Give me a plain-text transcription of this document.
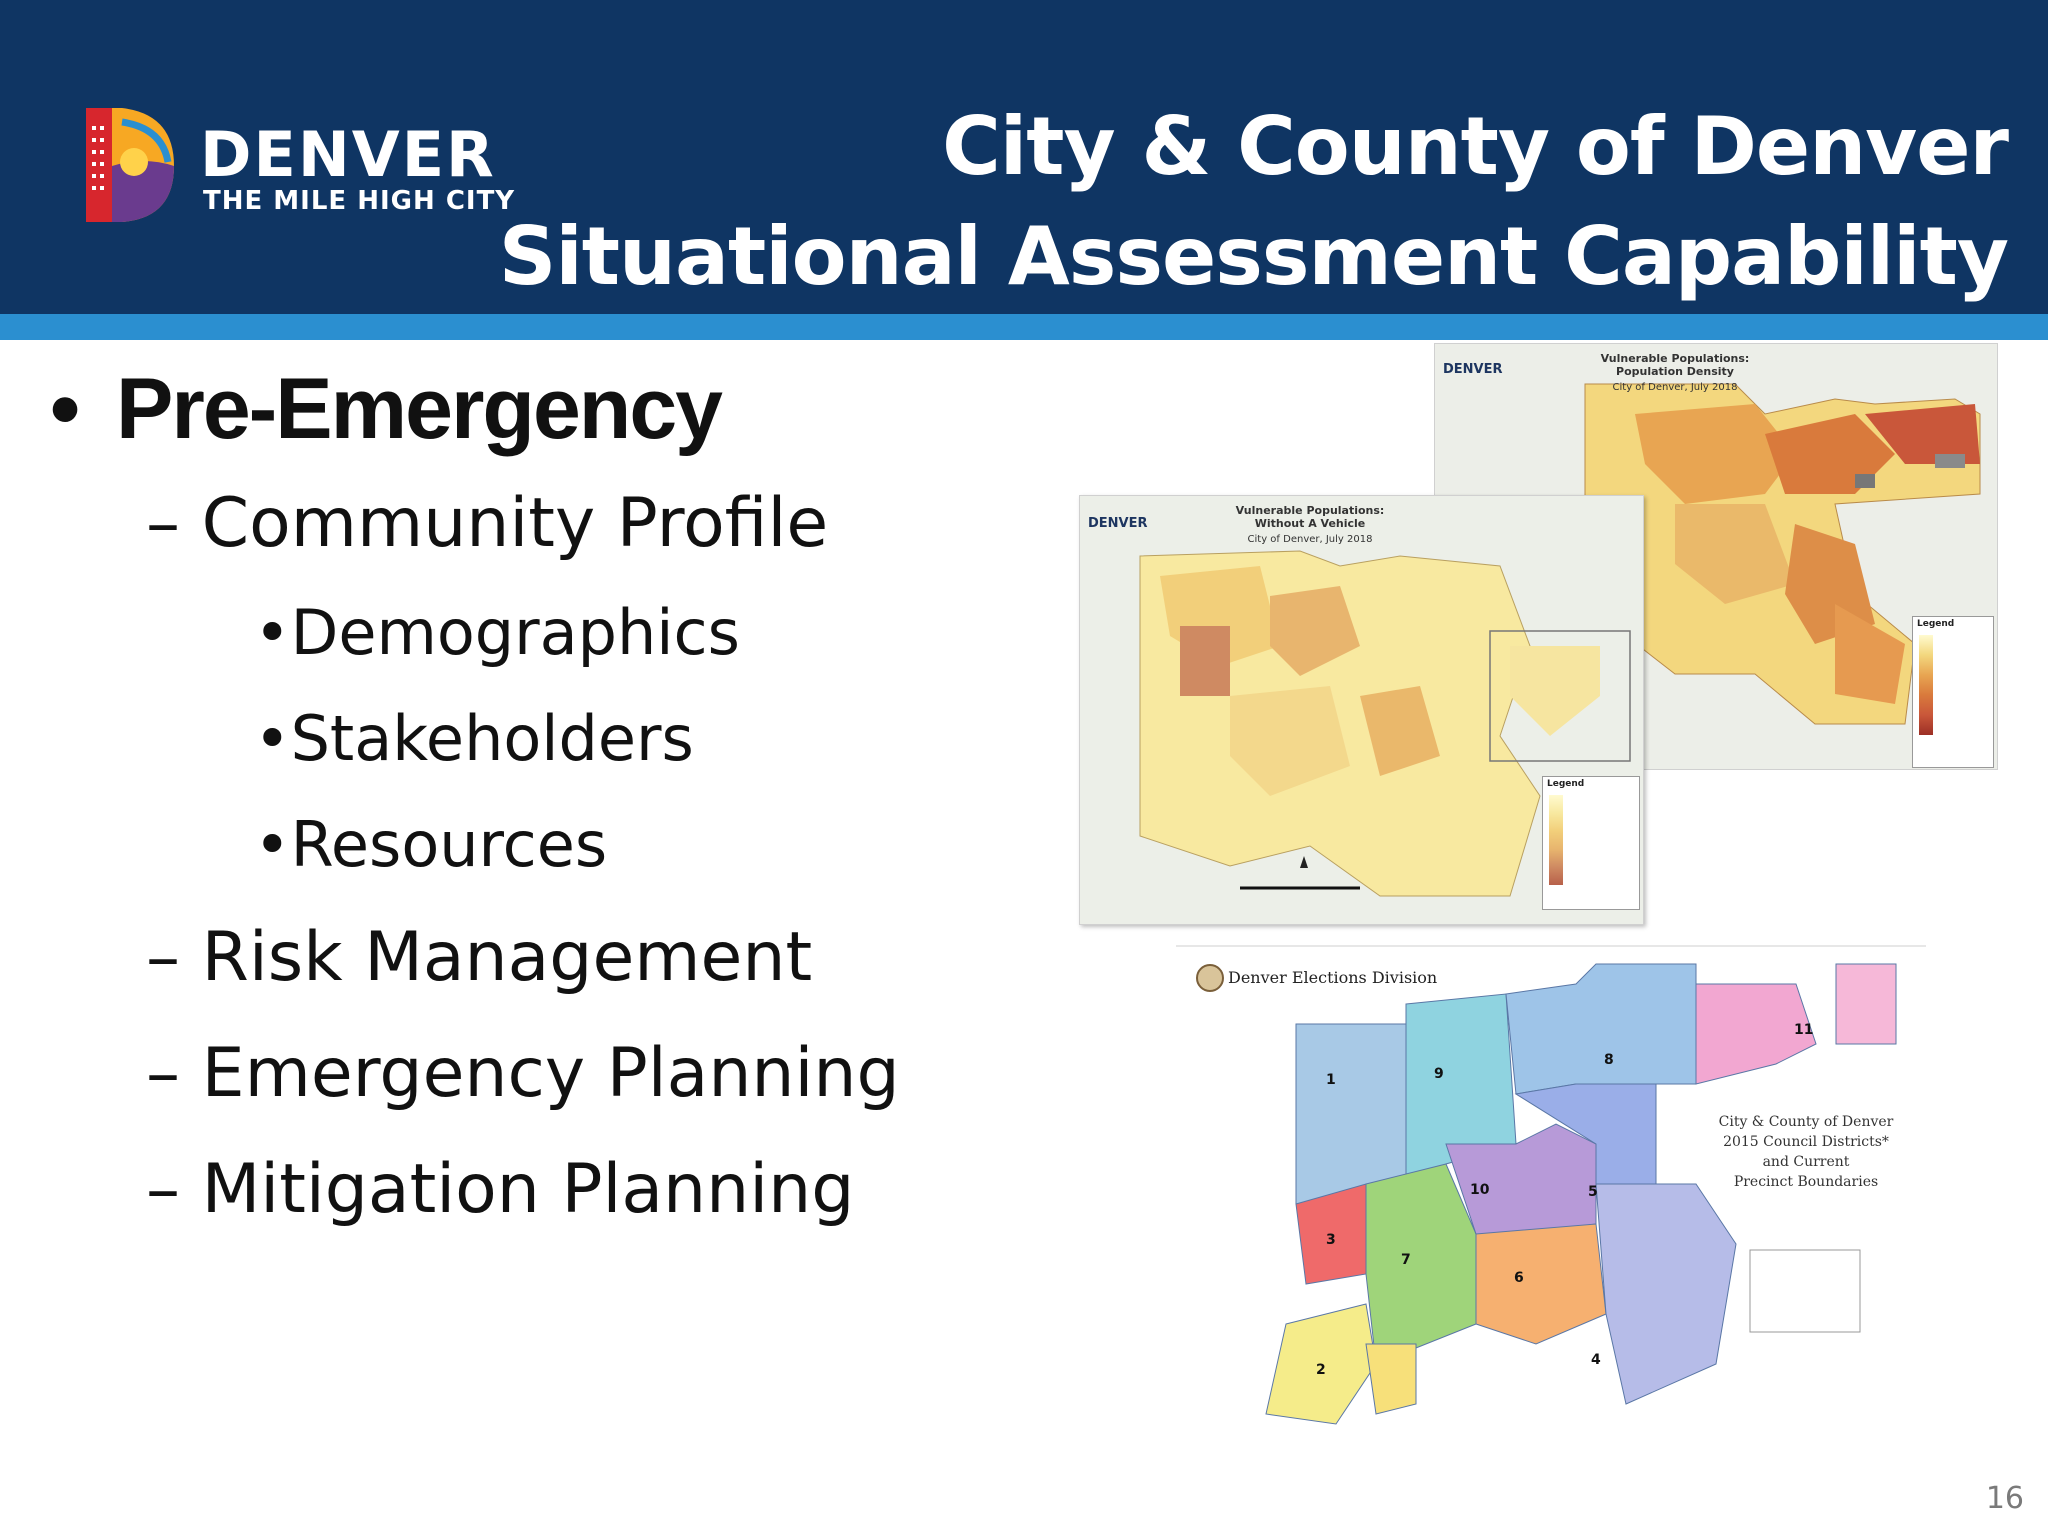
DENVER
THE MILE HIGH CITY
City & County of Denver
Situational Assessment Capability
• Pre-Emergency
– Community Profile
•Demographics
•Stakeholders
•Resources
– Risk Management
– Emergency Planning
– Mitigation Planning
DENVER
Vulnerable Populations:
Population Density
City of Denver, July 2018
Legend
DENVER
Vulnerable Populations:
Without A Vehicle
City of Denver, July 2018
Legend
1
2
3
4
5
6
7
8
9
10
11
Denver Elections Division
City & County of Denver
2015 Council Districts*
and Current
Precinct Boundaries
16
